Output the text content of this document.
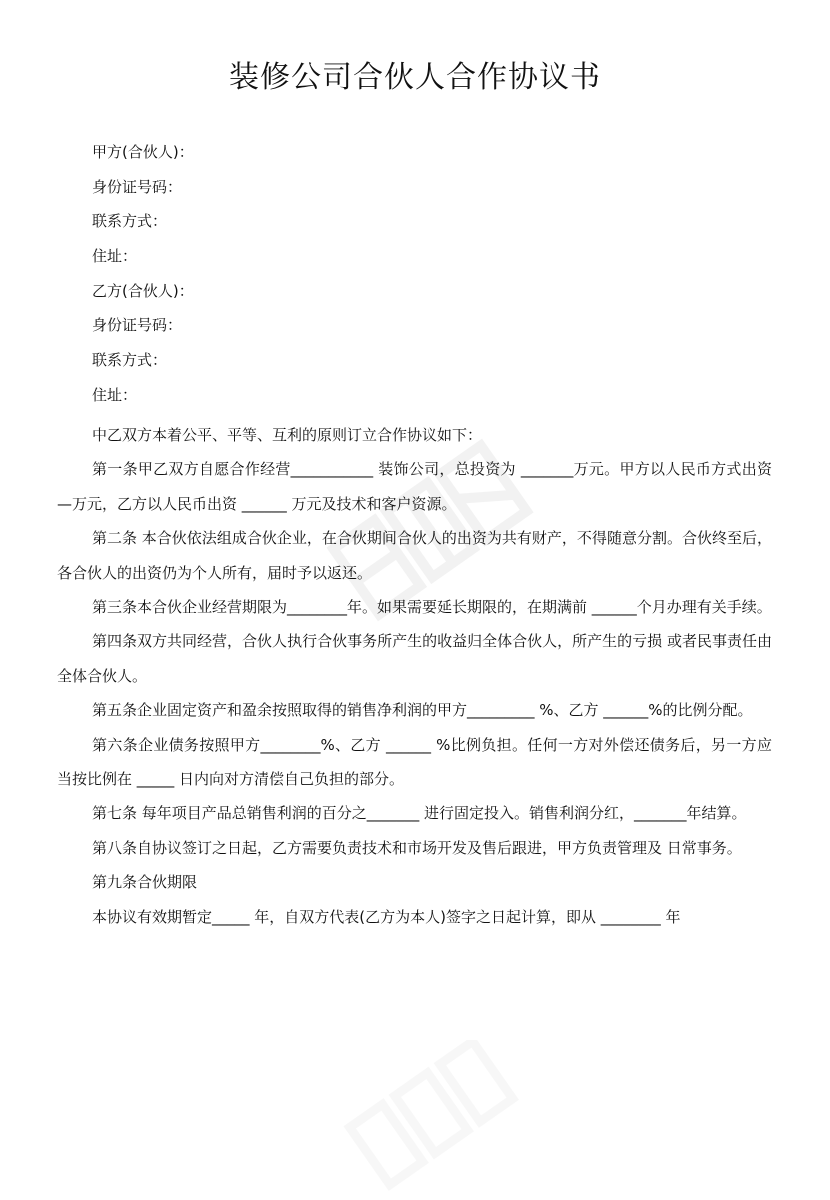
装修公司合伙人合作协议书
甲方(合伙人)：
身份证号码：
联系方式：
住址：
乙方(合伙人)：
身份证号码：
联系方式：
住址：

中乙双方本着公平、平等、互利的原则订立合作协议如下：

第一条甲乙双方自愿合作经营___________ 装饰公司，总投资为 _______万元。甲方以人民币方式出资—万元，乙方以人民币出资 ______ 万元及技术和客户资源。

第二条 本合伙依法组成合伙企业，在合伙期间合伙人的出资为共有财产，不得随意分割。合伙终至后，各合伙人的出资仍为个人所有，届时予以返还。

第三条本合伙企业经营期限为________年。如果需要延长期限的，在期满前 ______个月办理有关手续。

第四条双方共同经营，合伙人执行合伙事务所产生的收益归全体合伙人，所产生的亏损 或者民事责任由全体合伙人。

第五条企业固定资产和盈余按照取得的销售净利润的甲方_________ %、乙方 ______%的比例分配。

第六条企业债务按照甲方________%、乙方 ______ %比例负担。任何一方对外偿还债务后，另一方应当按比例在 _____ 日内向对方清偿自己负担的部分。

第七条 每年项目产品总销售利润的百分之_______ 进行固定投入。销售利润分红，_______年结算。

第八条自协议签订之日起，乙方需要负责技术和市场开发及售后跟进，甲方负责管理及 日常事务。

第九条合伙期限

本协议有效期暂定_____ 年，自双方代表(乙方为本人)签字之日起计算，即从 ________ 年
